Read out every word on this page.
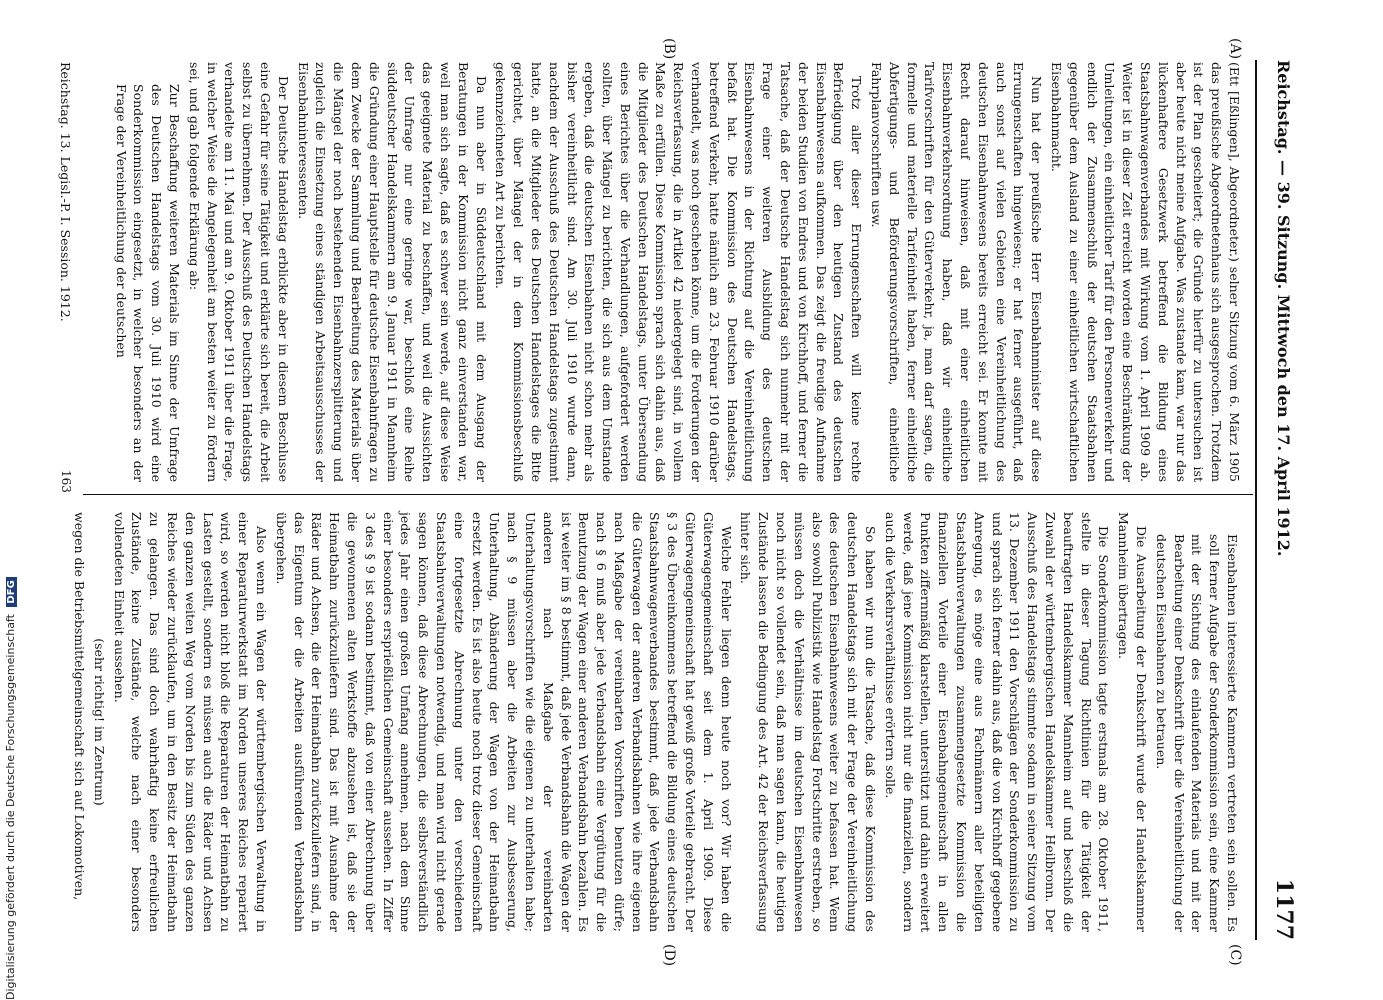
Reichstag. — 39. Sitzung. Mittwoch den 17. April 1912.
1177
(A)
(B)
(C)
(D)

(Ett [Eßlingen], Abgeordneter.) selner Sitzung vom 6. März 1905 das preußische Abgeordnetenhaus sich ausgesprochen. Trotzdem ist der Plan gescheitert; die Gründe hierfür zu untersuchen ist aber heute nicht meine Aufgabe. Was zustande kam, war nur das lückenhaftere Gesetzwerk betreffend die Bildung eines Staatsbahnwagenverbandes mit Wirkung vom 1. April 1909 ab. Weiter ist in dieser Zeit erreicht worden eine Beschränkung der Umleitungen, ein einheitlicher Tarif für den Personenverkehr und endlich der Zusammenschluß der deutschen Staatsbahnen gegenüber dem Ausland zu einer einheitlichen wirtschaftlichen Eisenbahnmacht.

Nun hat der preußische Herr Eisenbahnminister auf diese Errungenschaften hingewiesen; er hat ferner ausgeführt, daß auch sonst auf vielen Gebieten eine Vereinheitlichung des deutschen Eisenbahnwesens bereits erreicht sei. Er konnte mit Recht darauf hinweisen, daß mit einer einheitlichen Eisenbahnverkehrsordnung haben, daß wir einheitliche Tarifvorschriften für den Güterverkehr, ja, man darf sagen, die formelle und materielle Tarifeinheit haben, ferner einheitliche Abfertigungs- und Beförderungsvorschriften, einheitliche Fahrplanvorschriften usw.

Trotz aller dieser Errungenschaften will keine rechte Befriedigung über den heutigen Zustand des deutschen Eisenbahnwesens aufkommen. Das zeigt die freudige Aufnahme der beiden Studien von Endres und von Kirchhoff, und ferner die Tatsache, daß der Deutsche Handelstag sich nunmehr mit der Frage einer weiteren Ausbildung des deutschen Eisenbahnwesens in der Richtung auf die Vereinheitlichung befaßt hat. Die Kommission des Deutschen Handelstags, betreffend Verkehr, hatte nämlich am 23. Februar 1910 darüber verhandelt, was noch geschehen könne, um die Forderungen der Reichsverfassung, die in Artikel 42 niedergelegt sind, in vollem Maße zu erfüllen. Diese Kommission sprach sich dahin aus, daß die Mitglieder des Deutschen Handelstags, unter Übersendung eines Berichtes über die Verhandlungen, aufgefordert werden sollten, über Mängel zu berichten, die sich aus dem Umstande ergeben, daß die deutschen Eisenbahnen nicht schon mehr als bisher vereinheitlicht sind. Am 30. Juli 1910 wurde dann, nachdem der Ausschuß des Deutschen Handelstags zugestimmt hatte, an die Mitglieder des Deutschen Handelstages die Bitte gerichtet, über Mängel der in dem Kommissionsbeschluß gekennzeichneten Art zu berichten.

Da nun aber in Süddeutschland mit dem Ausgang der Beratungen in der Kommission nicht ganz einverstanden war, weil man sich sagte, daß es schwer sein werde, auf diese Weise das geeignete Material zu beschaffen, und weil die Aussichten der Umfrage nur eine geringe war, beschloß eine Reihe süddeutscher Handelskammern am 9. Januar 1911 in Mannheim die Gründung einer Hauptstelle für deutsche Eisenbahnfragen zu dem Zwecke der Sammlung und Bearbeitung des Materials über die Mängel der noch bestehenden Eisenbahnzersplitterung und zugleich die Einsetzung eines ständigen Arbeitsausschusses der Eisenbahninteressenten.

Der Deutsche Handelstag erblickte aber in diesem Beschlusse eine Gefahr für seine Tätigkeit und erklärte sich bereit, die Arbeit selbst zu übernehmen. Der Ausschuß des Deutschen Handelstags verhandelte am 11. Mai und am 9. Oktober 1911 über die Frage, in welcher Weise die Angelegenheit am besten weiter zu fördern sei, und gab folgende Erklärung ab:

Zur Beschaffung weiteren Materials im Sinne der Umfrage des Deutschen Handelstags vom 30. Juli 1910 wird eine Sonderkommission eingesetzt, in welcher besonders an der Frage der Vereinheitlichung der deutschen

Eisenbahnen interessierte Kammern vertreten sein sollen. Es soll ferner Aufgabe der Sonderkommission sein, eine Kammer mit der Sichtung des einlaufenden Materials und mit der Bearbeitung einer Denkschrift über die Vereinheitlichung der deutschen Eisenbahnen zu betrauen.

Die Ausarbeitung der Denkschrift wurde der Handelskammer Mannheim übertragen.

Die Sonderkommission tagte erstmals am 28. Oktober 1911, stellte in dieser Tagung Richtlinien für die Tätigkeit der beauftragten Handelskammer Mannheim auf und beschloß die Zuwahl der württembergischen Handelskammer Heilbronn. Der Ausschuß des Handelstags stimmte sodann in seiner Sitzung vom 13. Dezember 1911 den Vorschlägen der Sonderkommission zu und sprach sich ferner dahin aus, daß die von Kirchhoff gegebene Anregung, es möge eine aus Fachmännern aller beteiligten Staatsbahnverwaltungen zusammengesetzte Kommission die finanziellen Vorteile einer Eisenbahngemeinschaft in allen Punkten ziffernmäßig klarstellen, unterstützt und dahin erweitert werde, daß jene Kommission nicht nur die finanziellen, sondern auch die Verkehrsverhältnisse erörtern solle.

So haben wir nun die Tatsache, daß diese Kommission des deutschen Handelstags sich mit der Frage der Vereinheitlichung des deutschen Eisenbahnwesens weiter zu befassen hat. Wenn also sowohl Publizistik wie Handelstag Fortschritte erstreben, so müssen doch die Verhältnisse im deutschen Eisenbahnwesen noch nicht so vollendet sein, daß man sagen kann, die heutigen Zustände lassen die Bedingung des Art. 42 der Reichsverfassung hinter sich.

Welche Fehler liegen denn heute noch vor? Wir haben die Güterwagengemeinschaft seit dem 1. April 1909. Diese Güterwagengemeinschaft hat gewiß große Vorteile gebracht. Der § 3 des Übereinkommens betreffend die Bildung eines deutschen Staatsbahnwagenverbandes bestimmt, daß jede Verbandsbahn die Güterwagen der anderen Verbandsbahnen wie ihre eigenen nach Maßgabe der vereinbarten Vorschriften benutzen dürfe; nach § 6 muß aber jede Verbandsbahn eine Vergütung für die Benutzung der Wagen einer anderen Verbandsbahn bezahlen. Es ist weiter im § 8 bestimmt, daß jede Verbandsbahn die Wagen der anderen nach Maßgabe der vereinbarten Unterhaltungsvorschriften wie die eigenen zu unterhalten habe; nach § 9 müssen aber die Arbeiten zur Ausbesserung, Unterhaltung, Abänderung der Wagen von der Heimatbahn ersetzt werden. Es ist also heute noch trotz dieser Gemeinschaft eine fortgesetzte Abrechnung unter den verschiedenen Staatsbahnverwaltungen notwendig, und man wird nicht gerade sagen können, daß diese Abrechnungen, die selbstverständlich jedes Jahr einen großen Umfang annehmen, nach dem Sinne einer besonders ersprießlichen Gemeinschaft aussehen. In Ziffer 3 des § 9 ist sodann bestimmt, daß von einer Abrechnung über die gewonnenen alten Werkstoffe abzusehen ist, daß sie der Heimatbahn zurückzuliefern sind. Das ist mit Ausnahme der Räder und Achsen, die der Heimatbahn zurückzuliefern sind, in das Eigentum der die Arbeiten ausführenden Verbandsbahn übergehen.

Also wenn ein Wagen der württembergischen Verwaltung in einer Reparaturwerkstatt im Norden unseres Reiches repariert wird, so werden nicht bloß die Reparaturen der Heimatbahn zu Lasten gestellt, sondern es müssen auch die Räder und Achsen den ganzen weiten Weg vom Norden bis zum Süden des ganzen Reiches wieder zurücklaufen, um in den Besitz der Heimatbahn zu gelangen. Das sind doch wahrhaftig keine erfreulichen Zustände, keine Zustände, welche nach einer besonders vollendeten Einheit aussehen.

(sehr richtig! im Zentrum)

wegen die Betriebsmittelgemeinschaft sich auf Lokomotiven,

Reichstag. 13. Legisl.-P. I. Session. 1912.
163
Digitalisierung gefördert durch die Deutsche Forschungsgemeinschaft DFG
